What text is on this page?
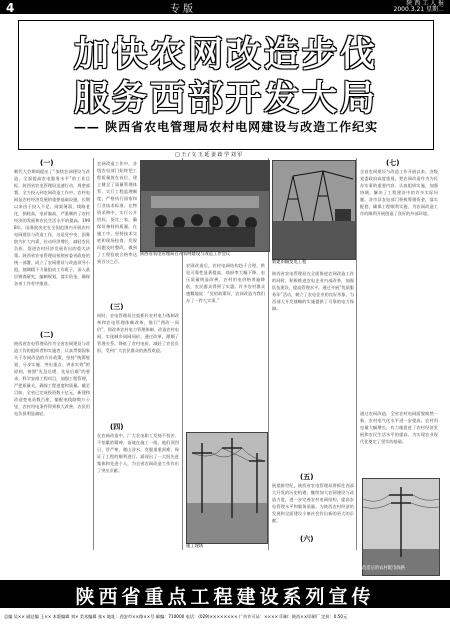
4	专版
陕 西 工 人 报
2000.3.21 星期二
加快农网改造步伐
服务西部开发大局
—— 陕西省农电管理局农村电网建设与改造工作纪实
□ 王 / 文 玉 延 姜 政 学 刘 军
(一)
朝代大会期间提出了“加快农网建设与改造，全面提高农电服务水平”的工作目标，陕西省农电管理局迅速行动，周密部署，全力投入到农网改造工作中。农村电网是农村经济发展的重要基础设施，长期以来由于投入不足，网架薄弱，线路老化，损耗高，电价偏高，严重制约了农村经济的发展和农民生活水平的提高。1998年，国务院决定在全国范围内开展农村电网建设与改造工作，这是党中央、国务院为扩大内需、拉动经济增长、减轻农民负担、促进农村经济发展作出的重大决策。陕西省农电管理局按照省委省政府的统一部署，成立了农网建设与改造领导小组，抽调精干力量组成工作班子，深入基层调查研究，编制规划，落实资金，确保各项工作有序推进。
(二)
陕西省农电管理局作为全省农网建设与改造工作的组织者和实施者，认真贯彻国家关于农网改造的方针政策，坚持“统筹规划、分步实施、突出重点、讲求实效”的原则，按照“先急后缓、先易后难”的要求，科学安排工程项目，加强工程管理，严把质量关，确保工程进度和质量。截至目前，全省已完成投资数十亿元，新建和改造变电站数百座，输配电线路数万公里，农村用电条件得到极大改善，农民用电负担明显减轻。
农网改造工作中，各级农电部门始终把工程质量放在首位，建立健全了质量管理体系，实行工程监理制度，严格执行国家和行业技术标准。在物资采购中，实行公开招标，货比三家，确保设备材料质量。在施工中，坚持技术交底和现场检查，发现问题及时整改，做到了工程验收合格率达到百分之百。
陕西省农电管理局召开农网建设与改造工作会议
(三)
同时，农电管理局注重抓好农村电力体制改革和农电管理体制改革，推行“两改一同价”，即改革农村电力管理体制，改造农村电网，实现城乡同网同价。通过改革，理顺了管理关系，降低了农村电价，减轻了农民负担，受到广大农民群众的热烈欢迎。
(四)
在农网改造中，广大农电职工发扬不怕苦、不怕累的精神，奋战在施工一线，他们顶烈日、冒严寒，爬山涉水，克服重重困难，保证了工程的顺利进行。涌现出了一大批先进集体和先进个人，为全省农网改造工作作出了突出贡献。
农网改造后，农村电网结构趋于合理，供电可靠性显著提高，线损率大幅下降，电压质量明显改善，农村用电价格普遍降低，农民群众得到了实惠。许多农村群众感慨地说：“党的政策好，农网改造为我们办了一件大实事。”
施工现场
新建的输变电工程
陕西省农电管理局在全面推进农网改造工作的同时，积极推进农电企业内部改革，加强队伍建设，提高管理水平。通过开展“优质服务年”活动，树立了农电企业的良好形象，为西部大开发战略的实施提供了可靠的电力保障。
(五)
展望新世纪，陕西省农电管理局将抓住西部大开发的历史机遇，继续加大农网建设与改造力度，进一步完善农村电网结构，提高农电管理水平和服务质量，为陕西农村经济的发展和全面建设小康社会作出新的更大的贡献。
(六)
(七)
全省农网建设与改造工作开展以来，各级党委政府高度重视，把农网改造作为为民办实事的重要内容，认真组织实施，加强协调，解决了工程建设中的许多实际问题。各市县农电部门积极筹措资金，落实配套，确保工程顺利实施，为农网改造工作的顺利开展创造了良好的外部环境。
通过农网改造，全省农村电网面貌焕然一新，农村电气化水平进一步提高，农村用电量大幅增长，有力地促进了农村经济发展和农民生活水平的提高，为实现农业现代化奠定了坚实的基础。
改造后的农村配电线路
陕西省重点工程建设系列宣传
总编 吴×× 副总编 王×× 本版编辑 刘× 美术编辑 张× 地址：西安市××路××号 邮编：710000 电话：(029)×××××××× 广告许可证：×××× 印刷：陕西××印刷厂 定价：0.50元
